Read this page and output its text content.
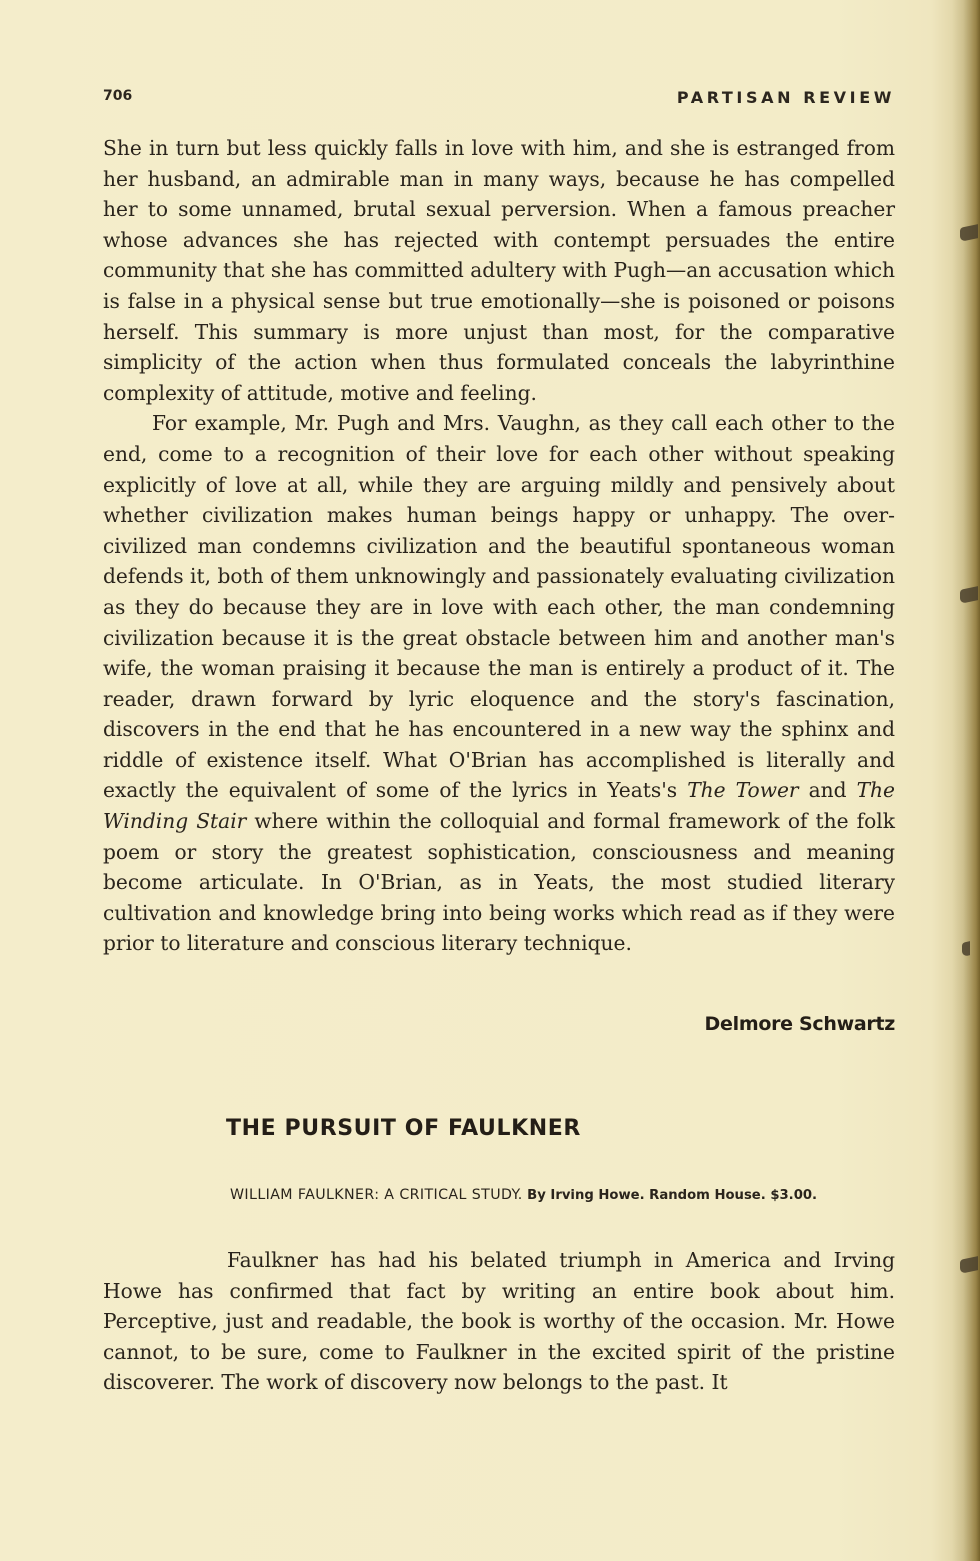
706	PARTISAN REVIEW

She in turn but less quickly falls in love with him, and she is estranged from her husband, an admirable man in many ways, because he has compelled her to some unnamed, brutal sexual perversion. When a famous preacher whose advances she has rejected with contempt persuades the entire community that she has committed adultery with Pugh—an accusation which is false in a physical sense but true emotionally—she is poisoned or poisons herself. This summary is more unjust than most, for the comparative simplicity of the action when thus formulated conceals the labyrinthine complexity of attitude, motive and feeling.

For example, Mr. Pugh and Mrs. Vaughn, as they call each other to the end, come to a recognition of their love for each other without speaking explicitly of love at all, while they are arguing mildly and pensively about whether civilization makes human beings happy or unhappy. The over-civilized man condemns civilization and the beautiful spontaneous woman defends it, both of them unknowingly and passionately evaluating civilization as they do because they are in love with each other, the man condemning civilization because it is the great obstacle between him and another man's wife, the woman praising it because the man is entirely a product of it. The reader, drawn forward by lyric eloquence and the story's fascination, discovers in the end that he has encountered in a new way the sphinx and riddle of existence itself. What O'Brian has accomplished is literally and exactly the equivalent of some of the lyrics in Yeats's The Tower and The Winding Stair where within the colloquial and formal framework of the folk poem or story the greatest sophistication, consciousness and meaning become articulate. In O'Brian, as in Yeats, the most studied literary cultivation and knowledge bring into being works which read as if they were prior to literature and conscious literary technique.

Delmore Schwartz
THE PURSUIT OF FAULKNER
WILLIAM FAULKNER: A CRITICAL STUDY. By Irving Howe. Random House. $3.00.

Faulkner has had his belated triumph in America and Irving Howe has confirmed that fact by writing an entire book about him. Perceptive, just and readable, the book is worthy of the occasion. Mr. Howe cannot, to be sure, come to Faulkner in the excited spirit of the pristine discoverer. The work of discovery now belongs to the past. It
